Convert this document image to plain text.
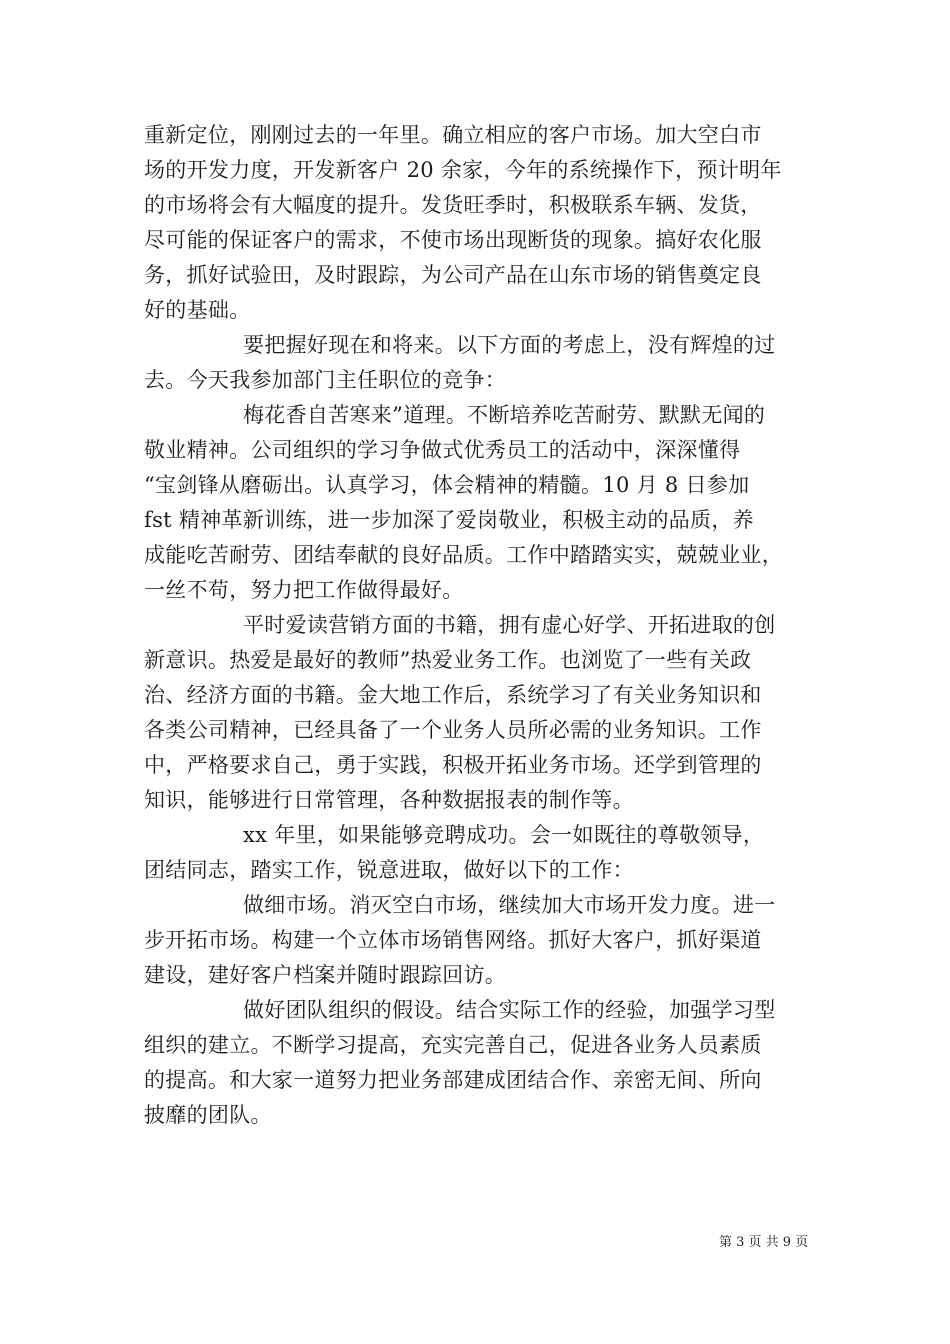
重新定位，刚刚过去的一年里。确立相应的客户市场。加大空白市
场的开发力度，开发新客户 20 余家，今年的系统操作下，预计明年
的市场将会有大幅度的提升。发货旺季时，积极联系车辆、发货，
尽可能的保证客户的需求，不使市场出现断货的现象。搞好农化服
务，抓好试验田，及时跟踪，为公司产品在山东市场的销售奠定良
好的基础。
要把握好现在和将来。以下方面的考虑上，没有辉煌的过
去。今天我参加部门主任职位的竞争：
梅花香自苦寒来”道理。不断培养吃苦耐劳、默默无闻的
敬业精神。公司组织的学习争做式优秀员工的活动中，深深懂得
“宝剑锋从磨砺出。认真学习，体会精神的精髓。10 月 8 日参加
fst 精神革新训练，进一步加深了爱岗敬业，积极主动的品质，养
成能吃苦耐劳、团结奉献的良好品质。工作中踏踏实实，兢兢业业，
一丝不苟，努力把工作做得最好。
平时爱读营销方面的书籍，拥有虚心好学、开拓进取的创
新意识。热爱是最好的教师”热爱业务工作。也浏览了一些有关政
治、经济方面的书籍。金大地工作后，系统学习了有关业务知识和
各类公司精神，已经具备了一个业务人员所必需的业务知识。工作
中，严格要求自己，勇于实践，积极开拓业务市场。还学到管理的
知识，能够进行日常管理，各种数据报表的制作等。
xx 年里，如果能够竞聘成功。会一如既往的尊敬领导，
团结同志，踏实工作，锐意进取，做好以下的工作：
做细市场。消灭空白市场，继续加大市场开发力度。进一
步开拓市场。构建一个立体市场销售网络。抓好大客户，抓好渠道
建设，建好客户档案并随时跟踪回访。
做好团队组织的假设。结合实际工作的经验，加强学习型
组织的建立。不断学习提高，充实完善自己，促进各业务人员素质
的提高。和大家一道努力把业务部建成团结合作、亲密无间、所向
披靡的团队。
第 3 页 共 9 页
